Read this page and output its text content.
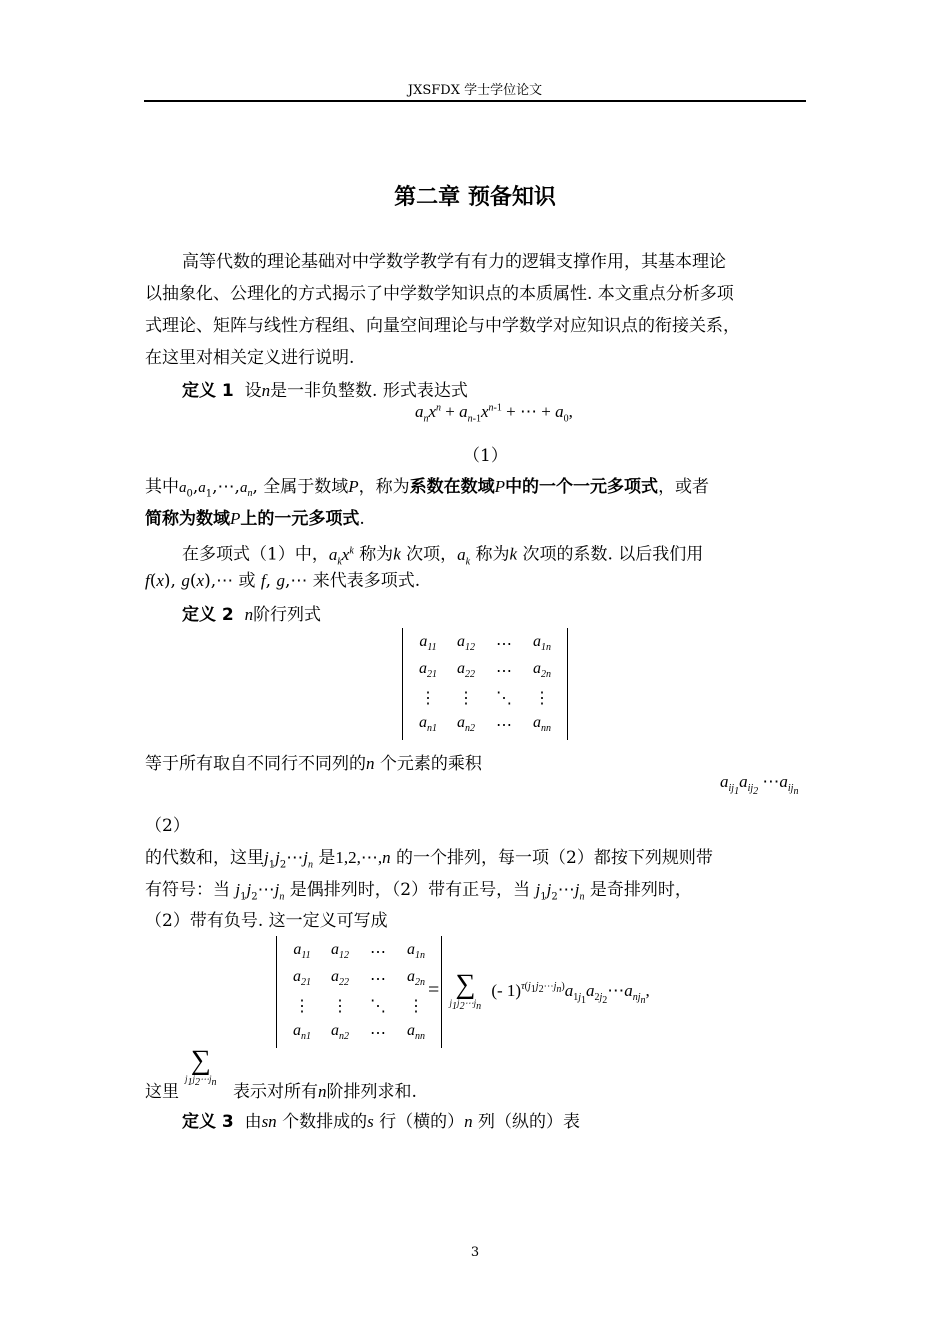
JXSFDX 学士学位论文
第二章 预备知识
高等代数的理论基础对中学数学教学有有力的逻辑支撑作用，其基本理论
以抽象化、公理化的方式揭示了中学数学知识点的本质属性. 本文重点分析多项
式理论、矩阵与线性方程组、向量空间理论与中学数学对应知识点的衔接关系，
在这里对相关定义进行说明.
定义 1 设n是一非负整数. 形式表达式
$a_nx^n + a_{n-1}x^{n-1}$ + ⋯ + $a_0$,
（1）
其中$a_0,a_1,\cdots,a_n$, 全属于数域P，称为系数在数域P中的一个一元多项式，或者
简称为数域P上的一元多项式.
在多项式（1）中，$a_kx^k$ 称为k 次项，$a_k$ 称为k 次项的系数. 以后我们用
f(x), g(x),⋯ 或 f, g,⋯ 来代表多项式.
定义 2 n阶行列式
$a_{11}$	$a_{12}$	⋯	$a_{1n}$
$a_{21}$	$a_{22}$	⋯	$a_{2n}$
⋮	⋮	⋱	⋮
$a_{n1}$	$a_{n2}$	⋯	$a_{nn}$
等于所有取自不同行不同列的n 个元素的乘积
$a_{ij_1}a_{ij_2}$ $\cdots a_{ij_n}$
（2）
的代数和，这里$j_1j_2\cdots j_n$ 是1,2,⋯,n 的一个排列，每一项（2）都按下列规则带
有符号：当 $j_1j_2\cdots j_n$ 是偶排列时，（2）带有正号，当 $j_1j_2\cdots j_n$ 是奇排列时，
（2）带有负号. 这一定义可写成
$a_{11}$	$a_{12}$	⋯	$a_{1n}$
$a_{21}$	$a_{22}$	⋯	$a_{2n}$
⋮	⋮	⋱	⋮
$a_{n1}$	$a_{n2}$	⋯	$a_{nn}$
= ∑
$j_1j_2\cdots j_n$
(- $1)^{\tau(j_1j_2\cdots j_n)}a_{1j_1}a_{2j_2}\cdots a_{nj_n}$,
∑
$j_1j_2\cdots j_n$
这里	表示对所有n阶排列求和.
定义 3 由sn 个数排成的s 行（横的）n 列（纵的）表
3
